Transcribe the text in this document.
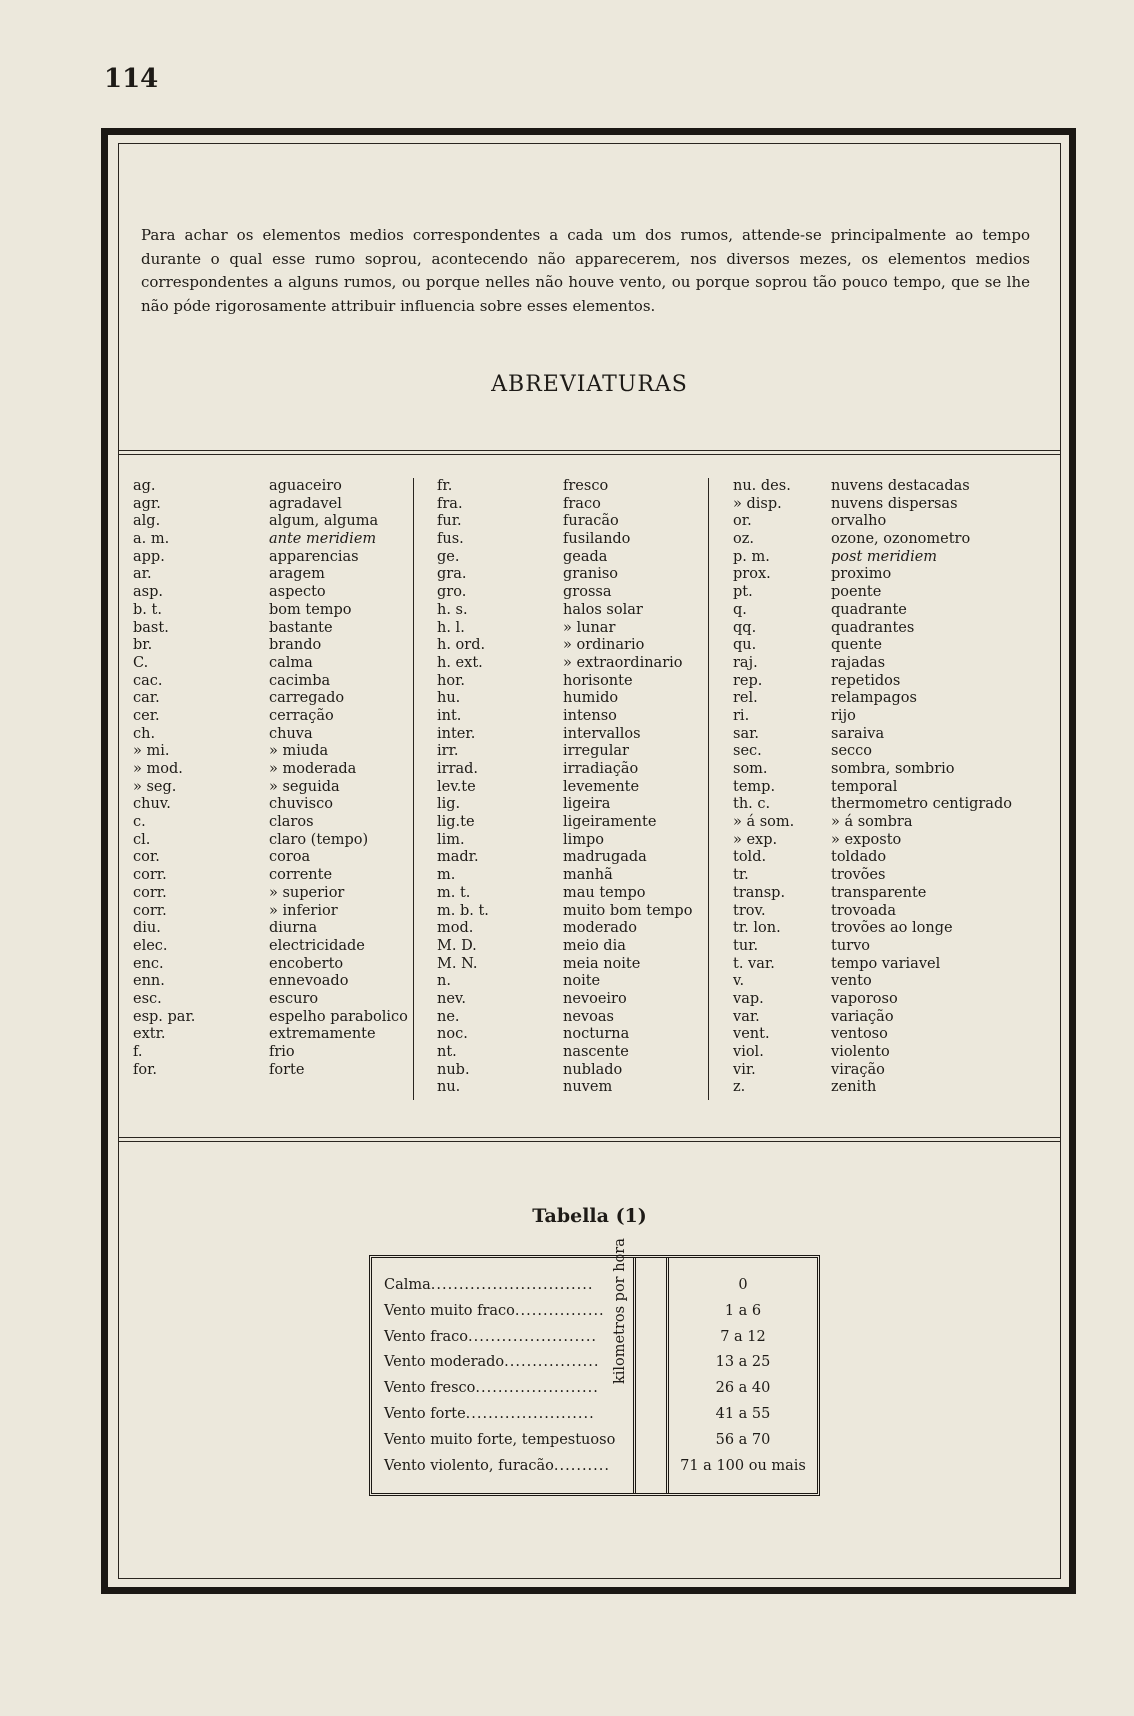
114
Para achar os elementos medios correspondentes a cada um dos rumos, attende-se principalmente ao tempo durante o qual esse rumo soprou, acontecendo não apparecerem, nos diversos mezes, os elementos medios correspondentes a alguns rumos, ou porque nelles não houve vento, ou porque soprou tão pouco tempo, que se lhe não póde rigorosamente attribuir influencia sobre esses elementos.
ABREVIATURAS
ag.
agr.
alg.
a. m.
app.
ar.
asp.
b. t.
bast.
br.
C.
cac.
car.
cer.
ch.
» mi.
» mod.
» seg.
chuv.
c.
cl.
cor.
corr.
corr.
corr.
diu.
elec.
enc.
enn.
esc.
esp. par.
extr.
f.
for.
aguaceiro
agradavel
algum, alguma
ante meridiem
apparencias
aragem
aspecto
bom tempo
bastante
brando
calma
cacimba
carregado
cerração
chuva
» miuda
» moderada
» seguida
chuvisco
claros
claro (tempo)
coroa
corrente
» superior
» inferior
diurna
electricidade
encoberto
ennevoado
escuro
espelho parabolico
extremamente
frio
forte
fr.
fra.
fur.
fus.
ge.
gra.
gro.
h. s.
h. l.
h. ord.
h. ext.
hor.
hu.
int.
inter.
irr.
irrad.
lev.te
lig.
lig.te
lim.
madr.
m.
m. t.
m. b. t.
mod.
M. D.
M. N.
n.
nev.
ne.
noc.
nt.
nub.
nu.
fresco
fraco
furacão
fusilando
geada
graniso
grossa
halos solar
» lunar
» ordinario
» extraordinario
horisonte
humido
intenso
intervallos
irregular
irradiação
levemente
ligeira
ligeiramente
limpo
madrugada
manhã
mau tempo
muito bom tempo
moderado
meio dia
meia noite
noite
nevoeiro
nevoas
nocturna
nascente
nublado
nuvem
nu. des.
» disp.
or.
oz.
p. m.
prox.
pt.
q.
qq.
qu.
raj.
rep.
rel.
ri.
sar.
sec.
som.
temp.
th. c.
» á som.
» exp.
told.
tr.
transp.
trov.
tr. lon.
tur.
t. var.
v.
vap.
var.
vent.
viol.
vir.
z.
nuvens destacadas
nuvens dispersas
orvalho
ozone, ozonometro
post meridiem
proximo
poente
quadrante
quadrantes
quente
rajadas
repetidos
relampagos
rijo
saraiva
secco
sombra, sombrio
temporal
thermometro centigrado
» á sombra
» exposto
toldado
trovões
transparente
trovoada
trovões ao longe
turvo
tempo variavel
vento
vaporoso
variação
ventoso
violento
viração
zenith
Tabella (1)
Calma.............................
Vento muito fraco................
Vento fraco.......................
Vento moderado.................
Vento fresco......................
Vento forte.......................
Vento muito forte, tempestuoso
Vento violento, furacão..........
kilometros por hora	0
1 a 6
7 a 12
13 a 25
26 a 40
41 a 55
56 a 70
71 a 100 ou mais
